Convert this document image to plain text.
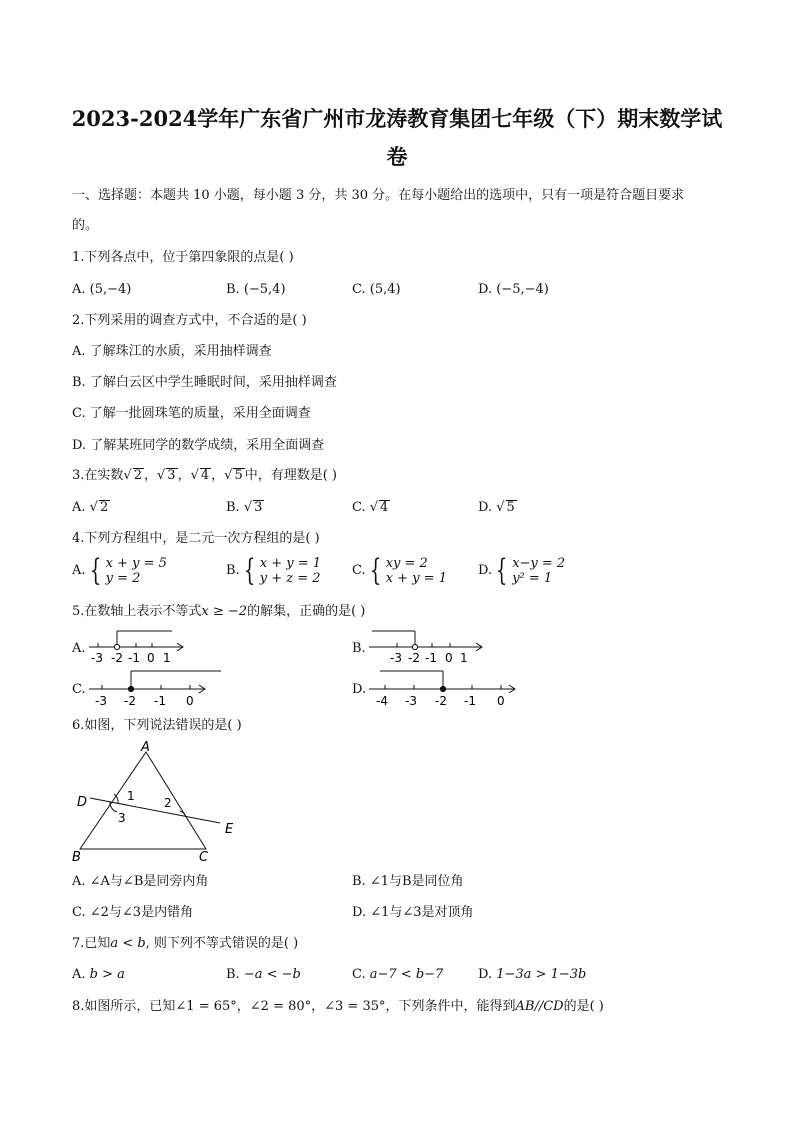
2023-2024学年广东省广州市龙涛教育集团七年级（下）期末数学试
卷
一、选择题：本题共 10 小题，每小题 3 分，共 30 分。在每小题给出的选项中，只有一项是符合题目要求
的。
1.下列各点中，位于第四象限的点是( )
A. (5,−4)	B. (−5,4)	C. (5,4)	D. (−5,−4)
2.下列采用的调查方式中，不合适的是( )
A. 了解珠江的水质，采用抽样调查
B. 了解白云区中学生睡眠时间，采用抽样调查
C. 了解一批圆珠笔的质量，采用全面调查
D. 了解某班同学的数学成绩，采用全面调查
3.在实数√ 2 ，√ 3 ，√ 4 ，√ 5 中，有理数是( )
A. √ 2	B. √ 3	C. √ 4	D. √ 5
4.下列方程组中，是二元一次方程组的是( )
A. { x + y = 5
y = 2
B. { x + y = 1
y + z = 2
C. { xy = 2
x + y = 1
D. { x−y = 2
y² = 1
5.在数轴上表示不等式x ≥ −2的解集，正确的是( )
A.
-3 -2 -1 0 1
B.
-3 -2 -1 0 1
C.
-3 -2 -1 0
D.
-4 -3 -2 -1 0
6.如图，下列说法错误的是( )
A
B	C
D
E
1 2
3
A. ∠A与∠B是同旁内角	B. ∠1与B是同位角
C. ∠2与∠3是内错角	D. ∠1与∠3是对顶角
7.已知a < b, 则下列不等式错误的是( )
A. b > a	B. −a < −b	C. a−7 < b−7	D. 1−3a > 1−3b
8.如图所示，已知∠1 = 65°，∠2 = 80°，∠3 = 35°，下列条件中，能得到AB//CD的是( )
